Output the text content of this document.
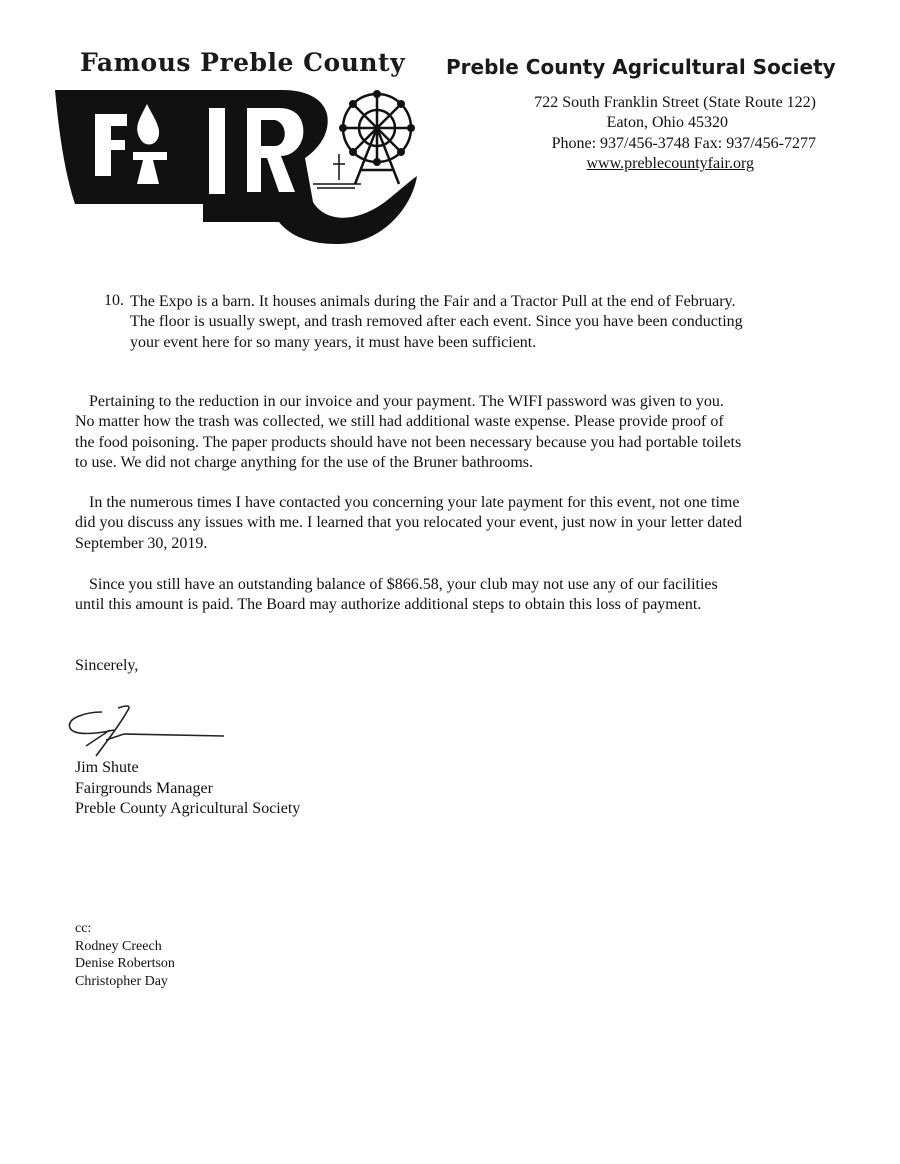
Famous Preble County	Preble County Agricultural Society
722 South Franklin Street (State Route 122)
Eaton, Ohio 45320
Phone: 937/456-3748 Fax: 937/456-7277
www.preblecountyfair.org
10. The Expo is a barn. It houses animals during the Fair and a Tractor Pull at the end of February.
The floor is usually swept, and trash removed after each event. Since you have been conducting
your event here for so many years, it must have been sufficient.
Pertaining to the reduction in our invoice and your payment. The WIFI password was given to you.
No matter how the trash was collected, we still had additional waste expense. Please provide proof of
the food poisoning. The paper products should have not been necessary because you had portable toilets
to use. We did not charge anything for the use of the Bruner bathrooms.
In the numerous times I have contacted you concerning your late payment for this event, not one time
did you discuss any issues with me. I learned that you relocated your event, just now in your letter dated
September 30, 2019.
Since you still have an outstanding balance of $866.58, your club may not use any of our facilities
until this amount is paid. The Board may authorize additional steps to obtain this loss of payment.
Sincerely,
Jim Shute
Fairgrounds Manager
Preble County Agricultural Society
cc:
Rodney Creech
Denise Robertson
Christopher Day
